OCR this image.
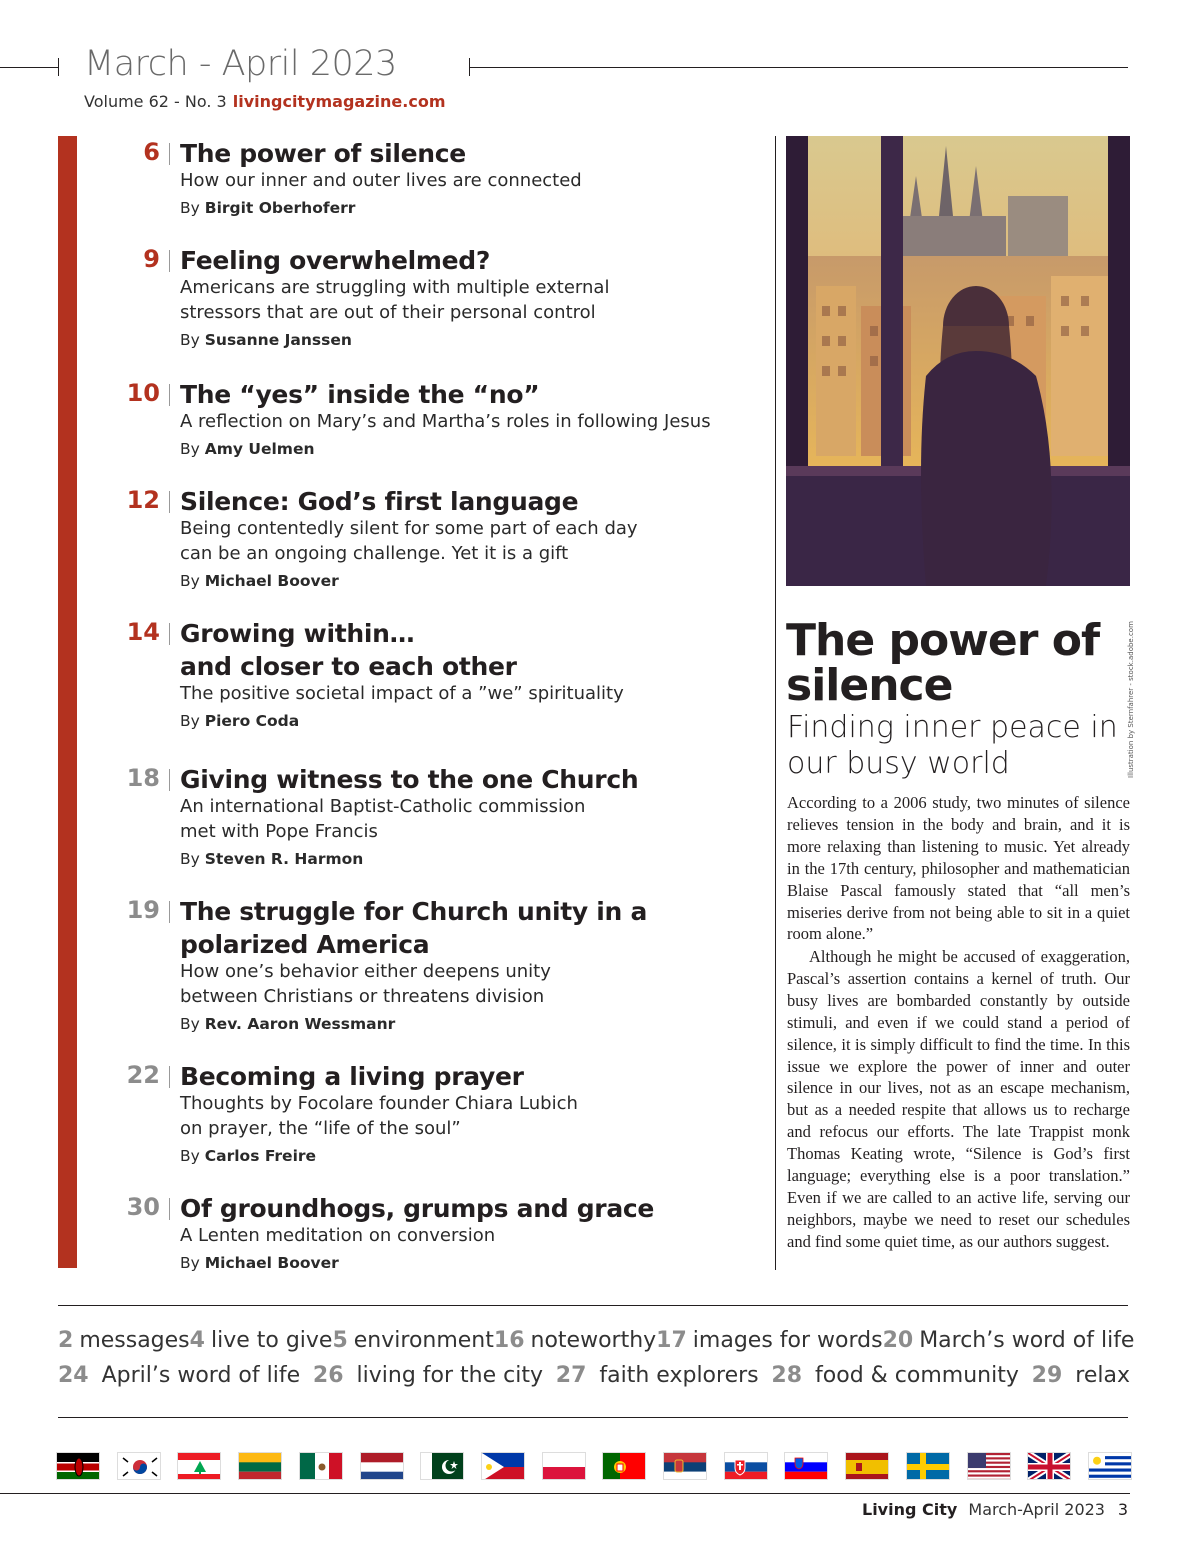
March - April 2023
Volume 62 - No. 3 livingcitymagazine.com
6 The power of silence
How our inner and outer lives are connected
By Birgit Oberhoferr
9 Feeling overwhelmed?
Americans are struggling with multiple external
stressors that are out of their personal control
By Susanne Janssen
10 The “yes” inside the “no”
A reflection on Mary’s and Martha’s roles in following Jesus
By Amy Uelmen
12 Silence: God’s first language
Being contentedly silent for some part of each day
can be an ongoing challenge. Yet it is a gift
By Michael Boover
14 Growing within…
and closer to each other
The positive societal impact of a ”we” spirituality
By Piero Coda
18 Giving witness to the one Church
An international Baptist-Catholic commission
met with Pope Francis
By Steven R. Harmon
19 The struggle for Church unity in a
polarized America
How one’s behavior either deepens unity
between Christians or threatens division
By Rev. Aaron Wessmanr
22 Becoming a living prayer
Thoughts by Focolare founder Chiara Lubich
on prayer, the “life of the soul”
By Carlos Freire
30 Of groundhogs, grumps and grace
A Lenten meditation on conversion
By Michael Boover
Illustration by Sternfahrer - stock.adobe.com
The power of silence
Finding inner peace in our busy world

According to a 2006 study, two minutes of silence relieves tension in the body and brain, and it is more relaxing than listening to music. Yet already in the 17th century, philosopher and mathematician Blaise Pascal famously stated that “all men’s miseries derive from not being able to sit in a quiet room alone.”

Although he might be accused of exaggeration, Pascal’s assertion contains a kernel of truth. Our busy lives are bombarded constantly by outside stimuli, and even if we could stand a period of silence, it is simply difficult to find the time. In this issue we explore the power of inner and outer silence in our lives, not as an escape mechanism, but as a needed respite that allows us to recharge and refocus our efforts. The late Trappist monk Thomas Keating wrote, “Silence is God’s first language; everything else is a poor translation.” Even if we are called to an active life, serving our neighbors, maybe we need to reset our schedules and find some quiet time, as our authors suggest.

2 messages 4 live to give 5 environment 16 noteworthy 17 images for words 20 March’s word of life
24 April’s word of life 26 living for the city 27 faith explorers 28 food & community 29 relax
Living City March-April 2023 3
